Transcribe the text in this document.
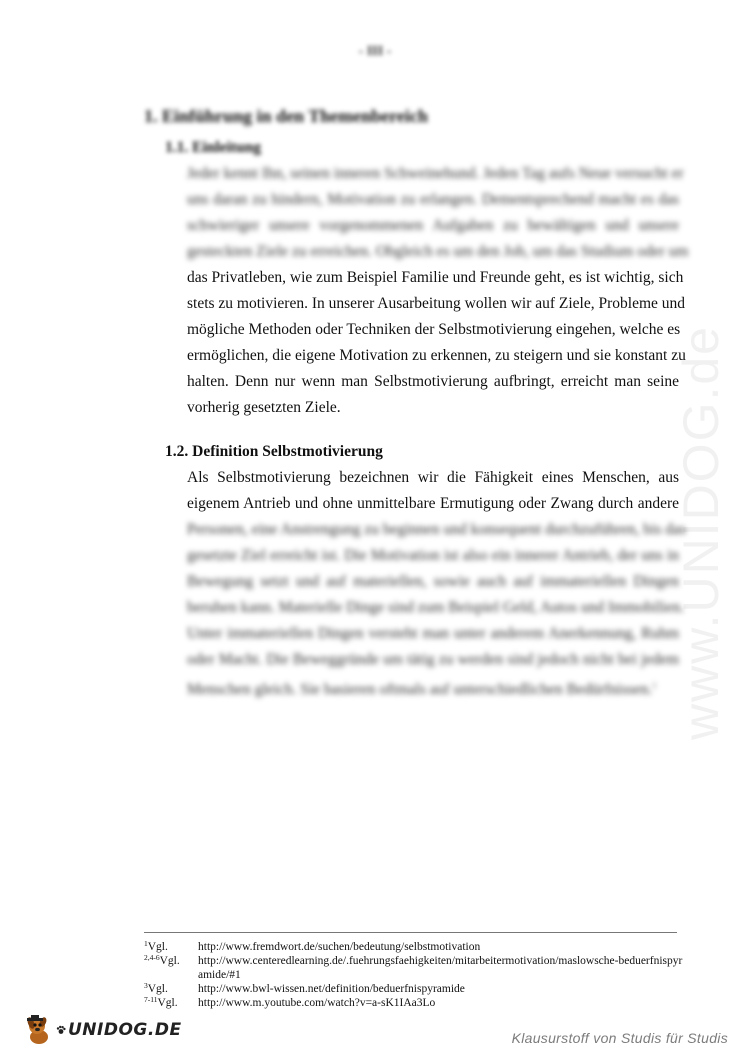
- III -
www.UNIDOG.de
1. Einführung in den Themenbereich
1.1. Einleitung
Jeder kennt Ihn, seinen inneren Schweinehund. Jeden Tag aufs Neue versucht er
uns daran zu hindern, Motivation zu erlangen. Dementsprechend macht es das
schwieriger unsere vorgenommenen Aufgaben zu bewältigen und unsere
gesteckten Ziele zu erreichen. Obgleich es um den Job, um das Studium oder um
das Privatleben, wie zum Beispiel Familie und Freunde geht, es ist wichtig, sich
stets zu motivieren. In unserer Ausarbeitung wollen wir auf Ziele, Probleme und
mögliche Methoden oder Techniken der Selbstmotivierung eingehen, welche es
ermöglichen, die eigene Motivation zu erkennen, zu steigern und sie konstant zu
halten. Denn nur wenn man Selbstmotivierung aufbringt, erreicht man seine
vorherig gesetzten Ziele.
1.2. Definition Selbstmotivierung
Als Selbstmotivierung bezeichnen wir die Fähigkeit eines Menschen, aus
eigenem Antrieb und ohne unmittelbare Ermutigung oder Zwang durch andere
Personen, eine Anstrengung zu beginnen und konsequent durchzuführen, bis das
gesetzte Ziel erreicht ist. Die Motivation ist also ein innerer Antrieb, der uns in
Bewegung setzt und auf materiellen, sowie auch auf immateriellen Dingen
beruhen kann. Materielle Dinge sind zum Beispiel Geld, Autos und Immobilien.
Unter immateriellen Dingen versteht man unter anderem Anerkennung, Ruhm
oder Macht. Die Beweggründe um tätig zu werden sind jedoch nicht bei jedem
Menschen gleich. Sie basieren oftmals auf unterschiedlichen Bedürfnissen.$^1$
$^1$Vgl.	http://www.fremdwort.de/suchen/bedeutung/selbstmotivation
$^{2,4-6}$Vgl. http://www.centeredlearning.de/.fuehrungsfaehigkeiten/mitarbeitermotivation/maslowsche-beduerfnispyramide/#1
$^3$Vgl.	http://www.bwl-wissen.net/definition/beduerfnispyramide
$^{7-11}$Vgl. http://www.m.youtube.com/watch?v=a-sK1IAa3Lo
UNIDOG.DE	Klausurstoff von Studis für Studis
